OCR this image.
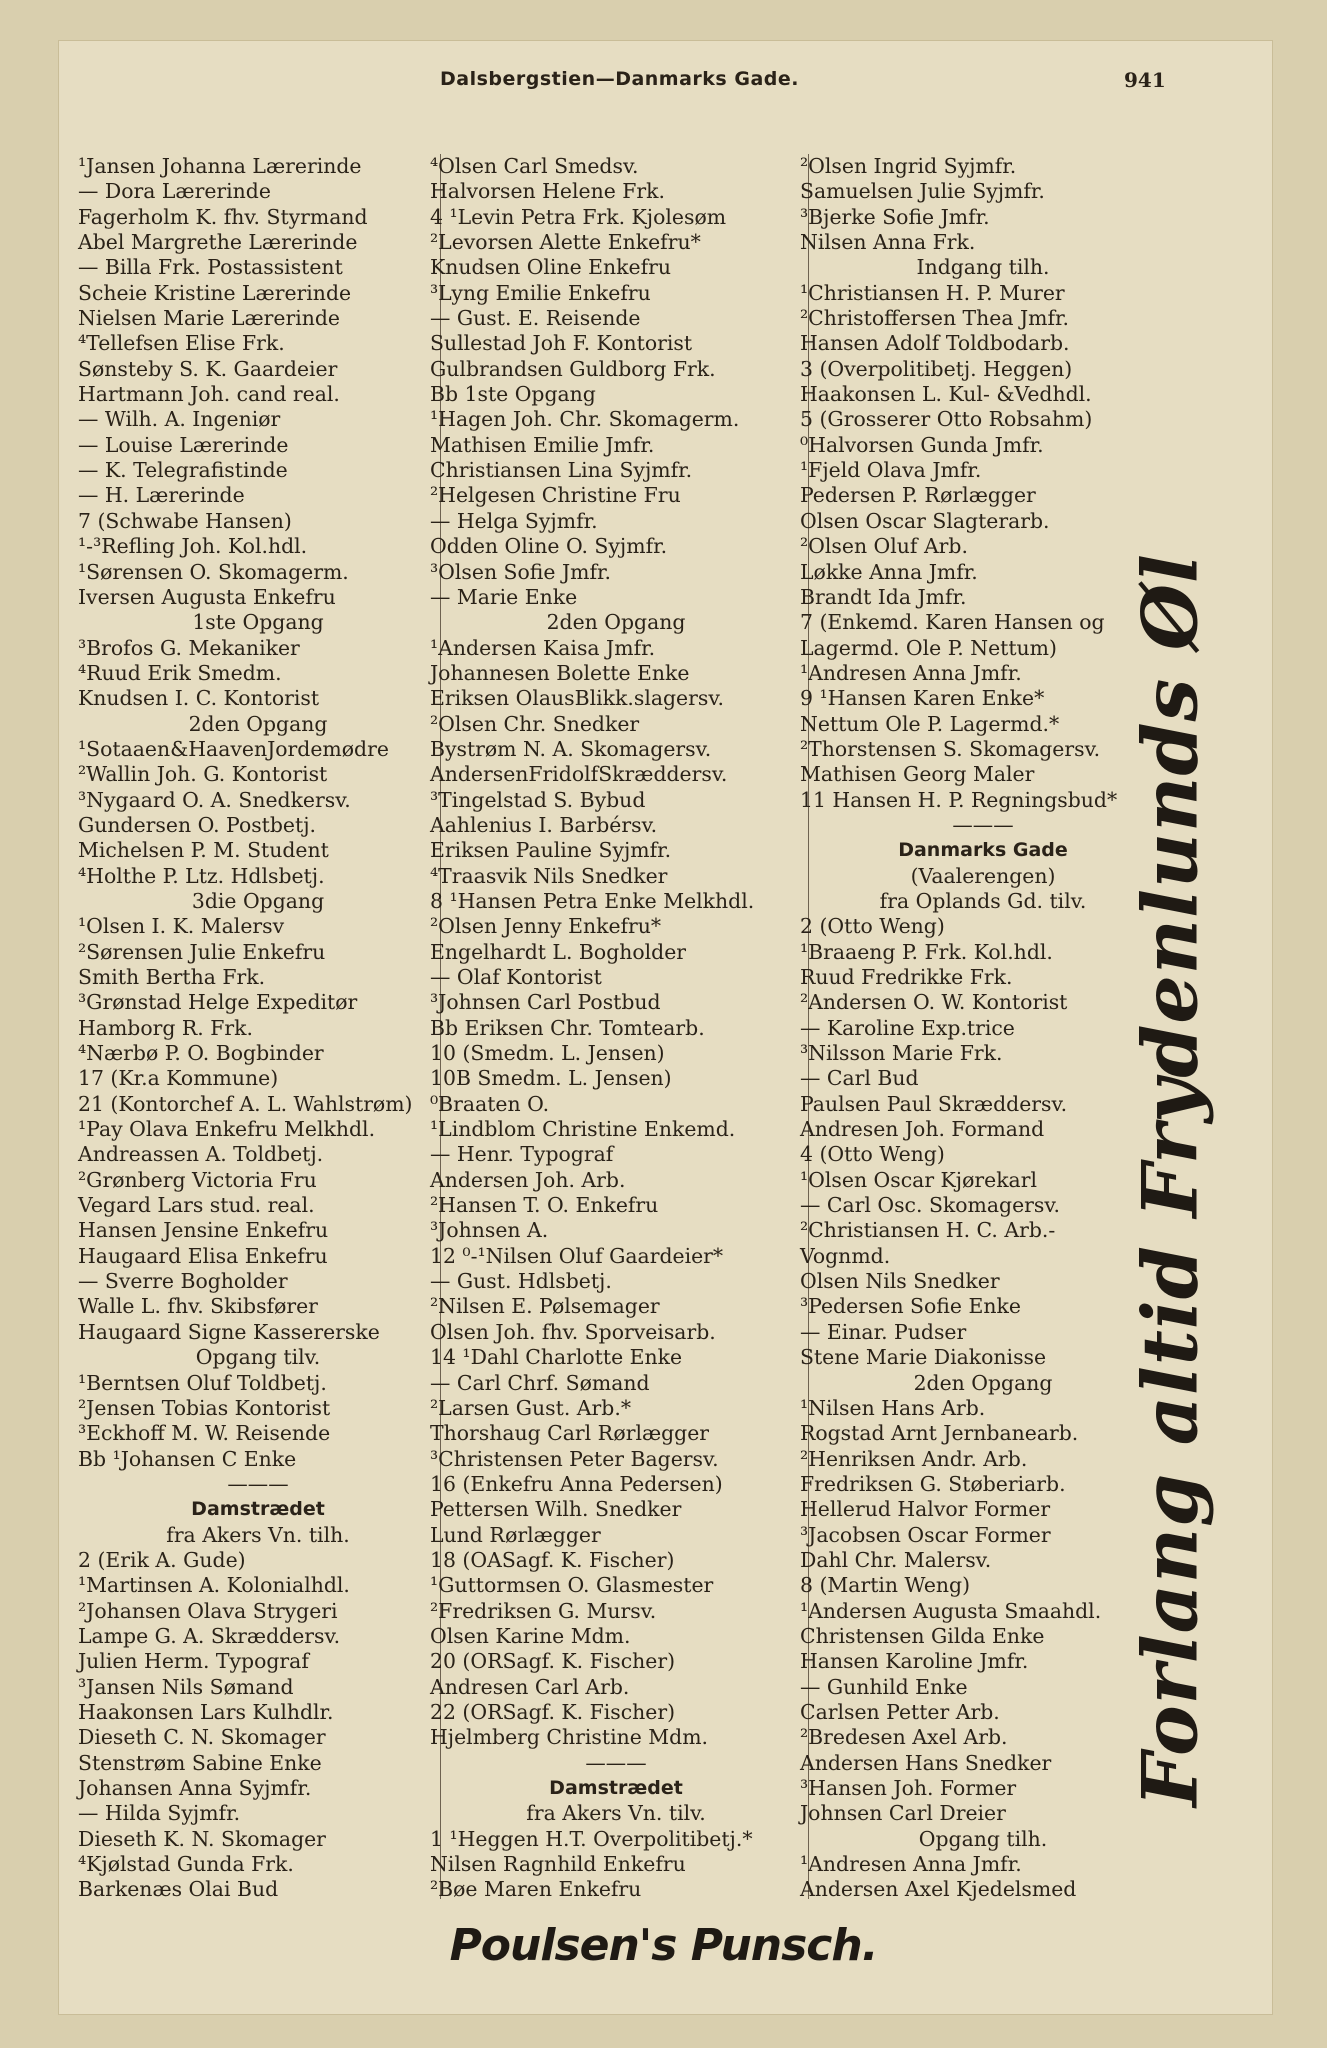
Dalsbergstien—Danmarks Gade.	941
¹Jansen Johanna Lærerinde
— Dora Lærerinde
Fagerholm K. fhv. Styrmand
Abel Margrethe Lærerinde
— Billa Frk. Postassistent
Scheie Kristine Lærerinde
Nielsen Marie Lærerinde
⁴Tellefsen Elise Frk.
Sønsteby S. K. Gaardeier
Hartmann Joh. cand real.
— Wilh. A. Ingeniør
— Louise Lærerinde
— K. Telegrafistinde
— H. Lærerinde
7 (Schwabe Hansen)
¹-³Refling Joh. Kol.hdl.
¹Sørensen O. Skomagerm.
Iversen Augusta Enkefru
1ste Opgang
³Brofos G. Mekaniker
⁴Ruud Erik Smedm.
Knudsen I. C. Kontorist
2den Opgang
¹Sotaaen&HaavenJordemødre
²Wallin Joh. G. Kontorist
³Nygaard O. A. Snedkersv.
Gundersen O. Postbetj.
Michelsen P. M. Student
⁴Holthe P. Ltz. Hdlsbetj.
3die Opgang
¹Olsen I. K. Malersv
²Sørensen Julie Enkefru
Smith Bertha Frk.
³Grønstad Helge Expeditør
Hamborg R. Frk.
⁴Nærbø P. O. Bogbinder
17 (Kr.a Kommune)
21 (Kontorchef A. L. Wahlstrøm)
¹Pay Olava Enkefru Melkhdl.
Andreassen A. Toldbetj.
²Grønberg Victoria Fru
Vegard Lars stud. real.
Hansen Jensine Enkefru
Haugaard Elisa Enkefru
— Sverre Bogholder
Walle L. fhv. Skibsfører
Haugaard Signe Kassererske
Opgang tilv.
¹Berntsen Oluf Toldbetj.
²Jensen Tobias Kontorist
³Eckhoff M. W. Reisende
Bb ¹Johansen C Enke
———
Damstrædet
fra Akers Vn. tilh.
2 (Erik A. Gude)
¹Martinsen A. Kolonialhdl.
²Johansen Olava Strygeri
Lampe G. A. Skræddersv.
Julien Herm. Typograf
³Jansen Nils Sømand
Haakonsen Lars Kulhdlr.
Dieseth C. N. Skomager
Stenstrøm Sabine Enke
Johansen Anna Syjmfr.
— Hilda Syjmfr.
Dieseth K. N. Skomager
⁴Kjølstad Gunda Frk.
Barkenæs Olai Bud
⁴Olsen Carl Smedsv.
Halvorsen Helene Frk.
4 ¹Levin Petra Frk. Kjolesøm
²Levorsen Alette Enkefru*
Knudsen Oline Enkefru
³Lyng Emilie Enkefru
— Gust. E. Reisende
Sullestad Joh F. Kontorist
Gulbrandsen Guldborg Frk.
Bb 1ste Opgang
¹Hagen Joh. Chr. Skomagerm.
Mathisen Emilie Jmfr.
Christiansen Lina Syjmfr.
²Helgesen Christine Fru
— Helga Syjmfr.
Odden Oline O. Syjmfr.
³Olsen Sofie Jmfr.
— Marie Enke
2den Opgang
¹Andersen Kaisa Jmfr.
Johannesen Bolette Enke
Eriksen OlausBlikk.slagersv.
²Olsen Chr. Snedker
Bystrøm N. A. Skomagersv.
AndersenFridolfSkræddersv.
³Tingelstad S. Bybud
Aahlenius I. Barbérsv.
Eriksen Pauline Syjmfr.
⁴Traasvik Nils Snedker
8 ¹Hansen Petra Enke Melkhdl.
²Olsen Jenny Enkefru*
Engelhardt L. Bogholder
— Olaf Kontorist
³Johnsen Carl Postbud
Bb Eriksen Chr. Tomtearb.
10 (Smedm. L. Jensen)
10B Smedm. L. Jensen)
⁰Braaten O.
¹Lindblom Christine Enkemd.
— Henr. Typograf
Andersen Joh. Arb.
²Hansen T. O. Enkefru
³Johnsen A.
12 ⁰-¹Nilsen Oluf Gaardeier*
— Gust. Hdlsbetj.
²Nilsen E. Pølsemager
Olsen Joh. fhv. Sporveisarb.
14 ¹Dahl Charlotte Enke
— Carl Chrf. Sømand
²Larsen Gust. Arb.*
Thorshaug Carl Rørlægger
³Christensen Peter Bagersv.
16 (Enkefru Anna Pedersen)
Pettersen Wilh. Snedker
Lund Rørlægger
18 (OASagf. K. Fischer)
¹Guttormsen O. Glasmester
²Fredriksen G. Mursv.
Olsen Karine Mdm.
20 (ORSagf. K. Fischer)
Andresen Carl Arb.
22 (ORSagf. K. Fischer)
Hjelmberg Christine Mdm.
———
Damstrædet
fra Akers Vn. tilv.
1 ¹Heggen H.T. Overpolitibetj.*
Nilsen Ragnhild Enkefru
²Bøe Maren Enkefru
²Olsen Ingrid Syjmfr.
Samuelsen Julie Syjmfr.
³Bjerke Sofie Jmfr.
Nilsen Anna Frk.
Indgang tilh.
¹Christiansen H. P. Murer
²Christoffersen Thea Jmfr.
Hansen Adolf Toldbodarb.
3 (Overpolitibetj. Heggen)
Haakonsen L. Kul- &Vedhdl.
5 (Grosserer Otto Robsahm)
⁰Halvorsen Gunda Jmfr.
¹Fjeld Olava Jmfr.
Pedersen P. Rørlægger
Olsen Oscar Slagterarb.
²Olsen Oluf Arb.
Løkke Anna Jmfr.
Brandt Ida Jmfr.
7 (Enkemd. Karen Hansen og
Lagermd. Ole P. Nettum)
¹Andresen Anna Jmfr.
9 ¹Hansen Karen Enke*
Nettum Ole P. Lagermd.*
²Thorstensen S. Skomagersv.
Mathisen Georg Maler
11 Hansen H. P. Regningsbud*
———
Danmarks Gade
(Vaalerengen)
fra Oplands Gd. tilv.
2 (Otto Weng)
¹Braaeng P. Frk. Kol.hdl.
Ruud Fredrikke Frk.
²Andersen O. W. Kontorist
— Karoline Exp.trice
³Nilsson Marie Frk.
— Carl Bud
Paulsen Paul Skræddersv.
Andresen Joh. Formand
4 (Otto Weng)
¹Olsen Oscar Kjørekarl
— Carl Osc. Skomagersv.
²Christiansen H. C. Arb.-
Vognmd.
Olsen Nils Snedker
³Pedersen Sofie Enke
— Einar. Pudser
Stene Marie Diakonisse
2den Opgang
¹Nilsen Hans Arb.
Rogstad Arnt Jernbanearb.
²Henriksen Andr. Arb.
Fredriksen G. Støberiarb.
Hellerud Halvor Former
³Jacobsen Oscar Former
Dahl Chr. Malersv.
8 (Martin Weng)
¹Andersen Augusta Smaahdl.
Christensen Gilda Enke
Hansen Karoline Jmfr.
— Gunhild Enke
Carlsen Petter Arb.
²Bredesen Axel Arb.
Andersen Hans Snedker
³Hansen Joh. Former
Johnsen Carl Dreier
Opgang tilh.
¹Andresen Anna Jmfr.
Andersen Axel Kjedelsmed
Forlang altid Frydenlunds Øl
Poulsen's Punsch.
